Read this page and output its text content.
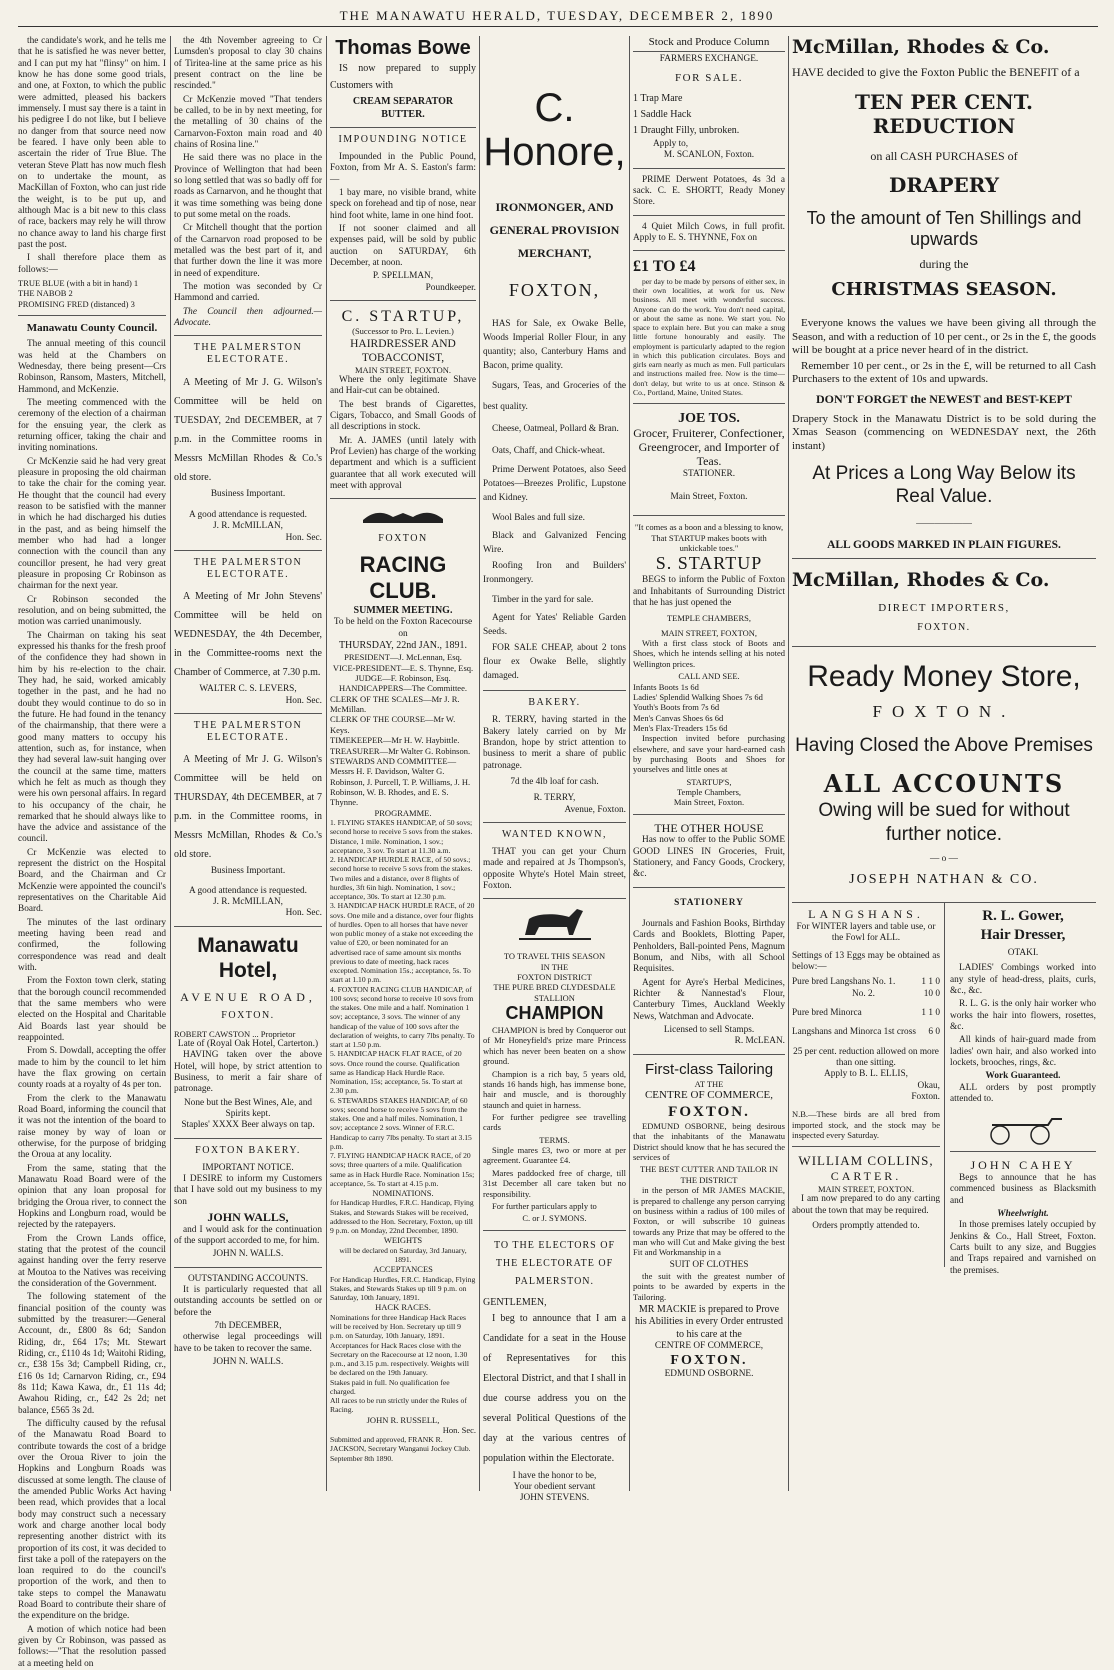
THE MANAWATU HERALD, TUESDAY, DECEMBER 2, 1890

the candidate's work, and he tells me that he is satisfied he was never better, and I can put my hat "flinsy" on him. I know he has done some good trials, and one, at Foxton, to which the public were admitted, pleased his backers immensely. I must say there is a taint in his pedigree I do not like, but I believe no danger from that source need now be feared. I have only been able to ascertain the rider of True Blue. The veteran Steve Platt has now much flesh on to undertake the mount, as MacKillan of Foxton, who can just ride the weight, is to be put up, and although Mac is a bit new to this class of race, backers may rely he will throw no chance away to land his charge first past the post.

I shall therefore place them as follows:—

TRUE BLUE (with a bit in hand) 1
THE NABOB 2
PROMISING FRED (distanced) 3
Manawatu County Council.

The annual meeting of this council was held at the Chambers on Wednesday, there being present—Crs Robinson, Ransom, Masters, Mitchell, Hammond, and McKenzie.

The meeting commenced with the ceremony of the election of a chairman for the ensuing year, the clerk as returning officer, taking the chair and inviting nominations.

Cr McKenzie said he had very great pleasure in proposing the old chairman to take the chair for the coming year. He thought that the council had every reason to be satisfied with the manner in which he had discharged his duties in the past, and as being himself the member who had had a longer connection with the council than any councillor present, he had very great pleasure in proposing Cr Robinson as chairman for the next year.

Cr Robinson seconded the resolution, and on being submitted, the motion was carried unanimously.

The Chairman on taking his seat expressed his thanks for the fresh proof of the confidence they had shown in him by his re-election to the chair. They had, he said, worked amicably together in the past, and he had no doubt they would continue to do so in the future. He had found in the tenancy of the chairmanship, that there were a good many matters to occupy his attention, such as, for instance, when they had several law-suit hanging over the council at the same time, matters which he felt as much as though they were his own personal affairs. In regard to his occupancy of the chair, he remarked that he should always like to have the advice and assistance of the council.

Cr McKenzie was elected to represent the district on the Hospital Board, and the Chairman and Cr McKenzie were appointed the council's representatives on the Charitable Aid Board.

The minutes of the last ordinary meeting having been read and confirmed, the following correspondence was read and dealt with.

From the Foxton town clerk, stating that the borough council recommended that the same members who were elected on the Hospital and Charitable Aid Boards last year should be reappointed.

From S. Dowdall, accepting the offer made to him by the council to let him have the flax growing on certain county roads at a royalty of 4s per ton.

From the clerk to the Manawatu Road Board, informing the council that it was not the intention of the board to raise money by way of loan or otherwise, for the purpose of bridging the Oroua at any locality.

From the same, stating that the Manawatu Road Board were of the opinion that any loan proposal for bridging the Oroua river, to connect the Hopkins and Longburn road, would be rejected by the ratepayers.

From the Crown Lands office, stating that the protest of the council against handing over the ferry reserve at Moutoa to the Natives was receiving the consideration of the Government.

The following statement of the financial position of the county was submitted by the treasurer:—General Account, dr., £800 8s 6d; Sandon Riding, dr., £64 17s; Mt. Stewart Riding, cr., £110 4s 1d; Waitohi Riding, cr., £38 15s 3d; Campbell Riding, cr., £16 0s 1d; Carnarvon Riding, cr., £94 8s 11d; Kawa Kawa, dr., £1 11s 4d; Awahou Riding, cr., £42 2s 2d; net balance, £565 3s 2d.

The difficulty caused by the refusal of the Manawatu Road Board to contribute towards the cost of a bridge over the Oroua River to join the Hopkins and Longburn Roads was discussed at some length. The clause of the amended Public Works Act having been read, which provides that a local body may construct such a necessary work and charge another local body representing another district with its proportion of its cost, it was decided to first take a poll of the ratepayers on the loan required to do the council's proportion of the work, and then to take steps to compel the Manawatu Road Board to contribute their share of the expenditure on the bridge.

A motion of which notice had been given by Cr Robinson, was passed as follows:—"That the resolution passed at a meeting held on

the 4th November agreeing to Cr Lumsden's proposal to clay 30 chains of Tiritea-line at the same price as his present contract on the line be rescinded."

Cr McKenzie moved "That tenders be called, to be in by next meeting, for the metalling of 30 chains of the Carnarvon-Foxton main road and 40 chains of Rosina line."

He said there was no place in the Province of Wellington that had been so long settled that was so badly off for roads as Carnarvon, and he thought that it was time something was being done to put some metal on the roads.

Cr Mitchell thought that the portion of the Carnarvon road proposed to be metalled was the best part of it, and that further down the line it was more in need of expenditure.

The motion was seconded by Cr Hammond and carried.

The Council then adjourned.—Advocate.

THE PALMERSTON ELECTORATE.

A Meeting of Mr J. G. Wilson's Committee will be held on TUESDAY, 2nd DECEMBER, at 7 p.m. in the Committee rooms in Messrs McMillan Rhodes & Co.'s old store.

Business Important.
A good attendance is requested.
J. R. McMILLAN,
Hon. Sec.
THE PALMERSTON ELECTORATE.

A Meeting of Mr John Stevens' Committee will be held on WEDNESDAY, the 4th December, in the Committee-rooms next the Chamber of Commerce, at 7.30 p.m.

WALTER C. S. LEVERS,
Hon. Sec.
THE PALMERSTON ELECTORATE.

A Meeting of Mr J. G. Wilson's Committee will be held on THURSDAY, 4th DECEMBER, at 7 p.m. in the Committee rooms, in Messrs McMillan, Rhodes & Co.'s old store.

Business Important.
A good attendance is requested.
J. R. McMILLAN,
Hon. Sec.
Manawatu Hotel,
AVENUE ROAD,
FOXTON.
ROBERT CAWSTON ... Proprietor
Late of (Royal Oak Hotel, Carterton.)

HAVING taken over the above Hotel, will hope, by strict attention to Business, to merit a fair share of patronage.

None but the Best Wines, Ale, and Spirits kept.
Staples' XXXX Beer always on tap.
FOXTON BAKERY.
IMPORTANT NOTICE.

I DESIRE to inform my Customers that I have sold out my business to my son

JOHN WALLS,

and I would ask for the continuation of the support accorded to me, for him.

JOHN N. WALLS.
OUTSTANDING ACCOUNTS.

It is particularly requested that all outstanding accounts be settled on or before the

7th DECEMBER,

otherwise legal proceedings will have to be taken to recover the same.

JOHN N. WALLS.
Thomas Bowe

IS now prepared to supply Customers with

CREAM SEPARATOR BUTTER.
IMPOUNDING NOTICE

Impounded in the Public Pound, Foxton, from Mr A. S. Easton's farm:—

1 bay mare, no visible brand, white speck on forehead and tip of nose, near hind foot white, lame in one hind foot.

If not sooner claimed and all expenses paid, will be sold by public auction on SATURDAY, 6th December, at noon.

P. SPELLMAN,
Poundkeeper.
C. STARTUP,
(Successor to Pro. L. Levien.)
HAIRDRESSER AND TOBACCONIST,
MAIN STREET, FOXTON.

Where the only legitimate Shave and Hair-cut can be obtained.

The best brands of Cigarettes, Cigars, Tobacco, and Small Goods of all descriptions in stock.

Mr. A. JAMES (until lately with Prof Levien) has charge of the working department and which is a sufficient guarantee that all work executed will meet with approval

FOXTON
RACING CLUB.
SUMMER MEETING.
To be held on the Foxton Racecourse on
THURSDAY, 22nd JAN., 1891.
PRESIDENT—J. McLennan, Esq.
VICE-PRESIDENT—E. S. Thynne, Esq.
JUDGE—F. Robinson, Esq.
HANDICAPPERS—The Committee.
CLERK OF THE SCALES—Mr J. R. McMillan.
CLERK OF THE COURSE—Mr W. Keys.
TIMEKEEPER—Mr H. W. Haybittle.
TREASURER—Mr Walter G. Robinson.
STEWARDS AND COMMITTEE—Messrs H. F. Davidson, Walter G. Robinson, J. Purcell, T. P. Williams, J. H. Robinson, W. B. Rhodes, and E. S. Thynne.
PROGRAMME.
1. FLYING STAKES HANDICAP, of 50 sovs; second horse to receive 5 sovs from the stakes. Distance, 1 mile. Nomination, 1 sov.; acceptance, 3 sov. To start at 11.30 a.m.
2. HANDICAP HURDLE RACE, of 50 sovs.; second horse to receive 5 sovs from the stakes. Two miles and a distance, over 8 flights of hurdles, 3ft 6in high. Nomination, 1 sov.; acceptance, 30s. To start at 12.30 p.m.
3. HANDICAP HACK HURDLE RACE, of 20 sovs. One mile and a distance, over four flights of hurdles. Open to all horses that have never won public money of a stake not exceeding the value of £20, or been nominated for an advertised race of same amount six months previous to date of meeting, hack races excepted. Nomination 15s.; acceptance, 5s. To start at 1.10 p.m.
4. FOXTON RACING CLUB HANDICAP, of 100 sovs; second horse to receive 10 sovs from the stakes. One mile and a half. Nomination 1 sov; acceptance, 3 sovs. The winner of any handicap of the value of 100 sovs after the declaration of weights, to carry 7lbs penalty. To start at 1.50 p.m.
5. HANDICAP HACK FLAT RACE, of 20 sovs. Once round the course. Qualification same as Handicap Hack Hurdle Race. Nomination, 15s; acceptance, 5s. To start at 2.30 p.m.
6. STEWARDS STAKES HANDICAP, of 60 sovs; second horse to receive 5 sovs from the stakes. One and a half miles. Nomination, 1 sov; acceptance 2 sovs. Winner of F.R.C. Handicap to carry 7lbs penalty. To start at 3.15 p.m.
7. FLYING HANDICAP HACK RACE, of 20 sovs; three quarters of a mile. Qualification same as in Hack Hurdle Race. Nomination 15s; acceptance, 5s. To start at 4.15 p.m.
NOMINATIONS.
for Handicap Hurdles, F.R.C. Handicap, Flying Stakes, and Stewards Stakes will be received, addressed to the Hon. Secretary, Foxton, up till 9 p.m. on Monday, 22nd December, 1890.
WEIGHTS
will be declared on Saturday, 3rd January, 1891.
ACCEPTANCES
For Handicap Hurdles, F.R.C. Handicap, Flying Stakes, and Stewards Stakes up till 9 p.m. on Saturday, 10th January, 1891.
HACK RACES.
Nominations for three Handicap Hack Races will be received by Hon. Secretary up till 9 p.m. on Saturday, 10th January, 1891.
Acceptances for Hack Races close with the Secretary on the Racecourse at 12 noon, 1.30 p.m., and 3.15 p.m. respectively. Weights will be declared on the 19th January.
Stakes paid in full. No qualification fee charged.
All races to be run strictly under the Rules of Racing.
JOHN R. RUSSELL,
Hon. Sec.
Submitted and approved, FRANK R. JACKSON, Secretary Wanganui Jockey Club. September 8th 1890.
C. Honore,
IRONMONGER, AND
GENERAL PROVISION
MERCHANT,
FOXTON,

HAS for Sale, ex Owake Belle, Woods Imperial Roller Flour, in any quantity; also, Canterbury Hams and Bacon, prime quality.

Sugars, Teas, and Groceries of the best quality.

Cheese, Oatmeal, Pollard & Bran.

Oats, Chaff, and Chick-wheat.

Prime Derwent Potatoes, also Seed Potatoes—Breezes Prolific, Lupstone and Kidney.

Wool Bales and full size.

Black and Galvanized Fencing Wire.

Roofing Iron and Builders' Ironmongery.

Timber in the yard for sale.

Agent for Yates' Reliable Garden Seeds.

FOR SALE CHEAP, about 2 tons flour ex Owake Belle, slightly damaged.

BAKERY.

R. TERRY, having started in the Bakery lately carried on by Mr Brandon, hope by strict attention to business to merit a share of public patronage.

7d the 4lb loaf for cash.
R. TERRY,
Avenue, Foxton.
WANTED KNOWN,

THAT you can get your Churn made and repaired at Js Thompson's, opposite Whyte's Hotel Main street, Foxton.

TO TRAVEL THIS SEASON
IN THE
FOXTON DISTRICT
THE PURE BRED CLYDESDALE STALLION
CHAMPION

CHAMPION is bred by Conqueror out of Mr Honeyfield's prize mare Princess which has never been beaten on a show ground.

Champion is a rich bay, 5 years old, stands 16 hands high, has immense bone, hair and muscle, and is thoroughly staunch and quiet in harness.

For further pedigree see travelling cards

TERMS.

Single mares £3, two or more at per agreement. Guarantee £4.

Mares paddocked free of charge, till 31st December all care taken but no responsibility.

For further particulars apply to

C. or J. SYMONS.
TO THE ELECTORS OF THE ELECTORATE OF PALMERSTON.
GENTLEMEN,

I beg to announce that I am a Candidate for a seat in the House of Representatives for this Electoral District, and that I shall in due course address you on the several Political Questions of the day at the various centres of population within the Electorate.

I have the honor to be,
Your obedient servant
JOHN STEVENS.
Stock and Produce Column
FARMERS EXCHANGE.
FOR SALE.
1 Trap Mare
1 Saddle Hack
1 Draught Filly, unbroken.
Apply to,
M. SCANLON, Foxton.

PRIME Derwent Potatoes, 4s 3d a sack. C. E. SHORTT, Ready Money Store.

4 Quiet Milch Cows, in full profit. Apply to E. S. THYNNE, Fox on

£1 TO £4

per day to be made by persons of either sex, in their own localities, at work for us. New business. All meet with wonderful success. Anyone can do the work. You don't need capital, or about the same as none. We start you. No space to explain here. But you can make a snug little fortune honourably and easily. The employment is particularly adapted to the region in which this publication circulates. Boys and girls earn nearly as much as men. Full particulars and instructions mailed free. Now is the time—don't delay, but write to us at once. Stinson & Co., Portland, Maine, United States.

JOE TOS.
Grocer, Fruiterer, Confectioner, Greengrocer, and Importer of Teas.
STATIONER.
Main Street, Foxton.
"It comes as a boon and a blessing to know, That STARTUP makes boots with unkickable toes."
S. STARTUP

BEGS to inform the Public of Foxton and Inhabitants of Surrounding District that he has just opened the

TEMPLE CHAMBERS,
MAIN STREET, FOXTON,

With a first class stock of Boots and Shoes, which he intends selling at his noted Wellington prices.

CALL AND SEE.
Infants Boots 1s 6d
Ladies' Splendid Walking Shoes 7s 6d
Youth's Boots from 7s 6d
Men's Canvas Shoes 6s 6d
Men's Flax-Treaders 15s 6d

Inspection invited before purchasing elsewhere, and save your hard-earned cash by purchasing Boots and Shoes for yourselves and little ones at

STARTUP'S,
Temple Chambers,
Main Street, Foxton.
THE OTHER HOUSE

Has now to offer to the Public SOME GOOD LINES IN Groceries, Fruit, Stationery, and Fancy Goods, Crockery, &c.

STATIONERY

Journals and Fashion Books, Birthday Cards and Booklets, Blotting Paper, Penholders, Ball-pointed Pens, Magnum Bonum, and Nibs, with all School Requisites.

Agent for Ayre's Herbal Medicines, Richter & Nannestad's Flour, Canterbury Times, Auckland Weekly News, Watchman and Advocate.

Licensed to sell Stamps.
R. McLEAN.
First-class Tailoring
AT THE
CENTRE OF COMMERCE,
FOXTON.

EDMUND OSBORNE, being desirous that the inhabitants of the Manawatu District should know that he has secured the services of

THE BEST CUTTER AND TAILOR IN THE DISTRICT

in the person of MR JAMES MACKIE, is prepared to challenge any person carrying on business within a radius of 100 miles of Foxton, or will subscribe 10 guineas towards any Prize that may be offered to the man who will Cut and Make giving the best Fit and Workmanship in a

SUIT OF CLOTHES

the suit with the greatest number of points to be awarded by experts in the Tailoring.

MR MACKIE is prepared to Prove his Abilities in every Order entrusted to his care at the
CENTRE OF COMMERCE,
FOXTON.
EDMUND OSBORNE.
McMillan, Rhodes & Co.
HAVE decided to give the Foxton Public the BENEFIT of a
TEN PER CENT. REDUCTION
on all CASH PURCHASES of
DRAPERY
To the amount of Ten Shillings and upwards
during the
CHRISTMAS SEASON.

Everyone knows the values we have been giving all through the Season, and with a reduction of 10 per cent., or 2s in the £, the goods will be bought at a price never heard of in the district.

Remember 10 per cent., or 2s in the £, will be returned to all Cash Purchasers to the extent of 10s and upwards.

DON'T FORGET the NEWEST and BEST-KEPT

Drapery Stock in the Manawatu District is to be sold during the Xmas Season (commencing on WEDNESDAY next, the 26th instant)

At Prices a Long Way Below its Real Value.
——————
ALL GOODS MARKED IN PLAIN FIGURES.
McMillan, Rhodes & Co.
DIRECT IMPORTERS,
FOXTON.
Ready Money Store,
FOXTON.
Having Closed the Above Premises
ALL ACCOUNTS
Owing will be sued for without further notice.
— o —
JOSEPH NATHAN & CO.
LANGSHANS.
For WINTER layers and table use, or the Fowl for ALL.
Settings of 13 Eggs may be obtained as below:—
Pure bred Langshans No. 1.	1 1 0
No. 2.	10 0
Pure bred Minorca	1 1 0
Langshans and Minorca 1st cross 6 0
25 per cent. reduction allowed on more than one sitting.
Apply to B. L. ELLIS,
Okau,
Foxton.
N.B.—These birds are all bred from imported stock, and the stock may be inspected every Saturday.
WILLIAM COLLINS,
CARTER.
MAIN STREET, FOXTON.

I am now prepared to do any carting about the town that may be required.

Orders promptly attended to.
R. L. Gower,
Hair Dresser,
OTAKI.

LADIES' Combings worked into any style of head-dress, plaits, curls, &c., &c.

R. L. G. is the only hair worker who works the hair into flowers, rosettes, &c.

All kinds of hair-guard made from ladies' own hair, and also worked into lockets, brooches, rings, &c.

Work Guaranteed.

ALL orders by post promptly attended to.

JOHN CAHEY

Begs to announce that he has commenced business as Blacksmith and

Wheelwright.

In those premises lately occupied by Jenkins & Co., Hall Street, Foxton. Carts built to any size, and Buggies and Traps repaired and varnished on the premises.
